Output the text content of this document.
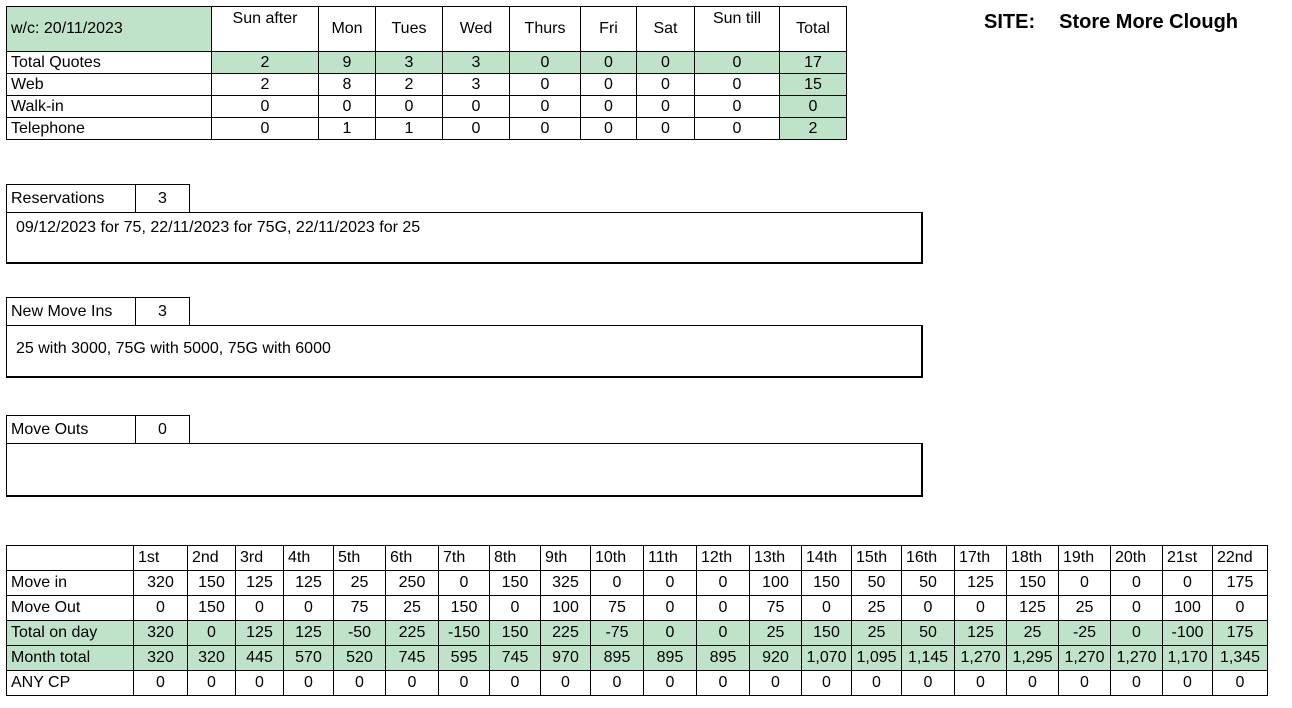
w/c: 20/11/2023	Sun after	Mon	Tues	Wed	Thurs	Fri	Sat	Sun till	Total
Total Quotes	2	9	3	3	0	0	0	0	17
Web	2	8	2	3	0	0	0	0	15
Walk-in	0	0	0	0	0	0	0	0	0
Telephone	0	1	1	0	0	0	0	0	2
SITE: Store More Clough
Reservations	3
09/12/2023 for 75, 22/11/2023 for 75G, 22/11/2023 for 25
New Move Ins	3
25 with 3000, 75G with 5000, 75G with 6000
Move Outs	0
	1st	2nd	3rd	4th	5th	6th	7th	8th	9th	10th	11th	12th	13th	14th	15th	16th	17th	18th	19th	20th	21st	22nd
Move in	320	150	125	125	25	250	0	150	325	0	0	0	100	150	50	50	125	150	0	0	0	175
Move Out	0	150	0	0	75	25	150	0	100	75	0	0	75	0	25	0	0	125	25	0	100	0
Total on day	320	0	125	125	-50	225	-150	150	225	-75	0	0	25	150	25	50	125	25	-25	0	-100	175
Month total	320	320	445	570	520	745	595	745	970	895	895	895	920	1,070	1,095	1,145	1,270	1,295	1,270	1,270	1,170	1,345
ANY CP	0	0	0	0	0	0	0	0	0	0	0	0	0	0	0	0	0	0	0	0	0	0
